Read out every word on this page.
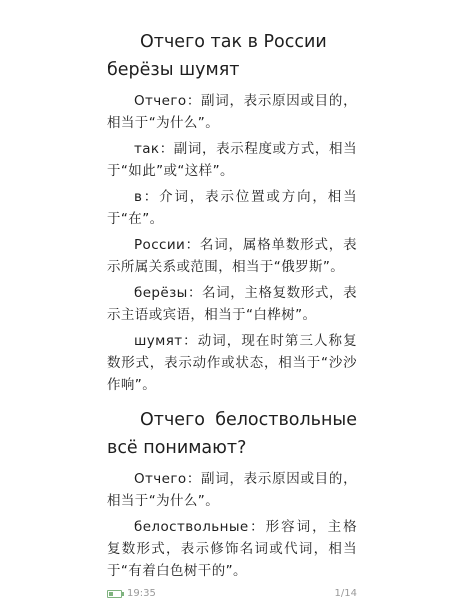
Отчего так в России
берёзы шумят

Отчего：副词，表示原因或目的，相当于“为什么”。

так：副词，表示程度或方式，相当于“如此”或“这样”。

в：介词，表示位置或方向，相当于“在”。

России：名词，属格单数形式，表示所属关系或范围，相当于“俄罗斯”。

берёзы：名词，主格复数形式，表示主语或宾语，相当于“白桦树”。

шумят：动词，现在时第三人称复数形式，表示动作或状态，相当于“沙沙作响”。

Отчего белоствольные
всё понимают?

Отчего：副词，表示原因或目的，相当于“为什么”。

белоствольные：形容词，主格复数形式，表示修饰名词或代词，相当于“有着白色树干的”。

19:35	1/14
